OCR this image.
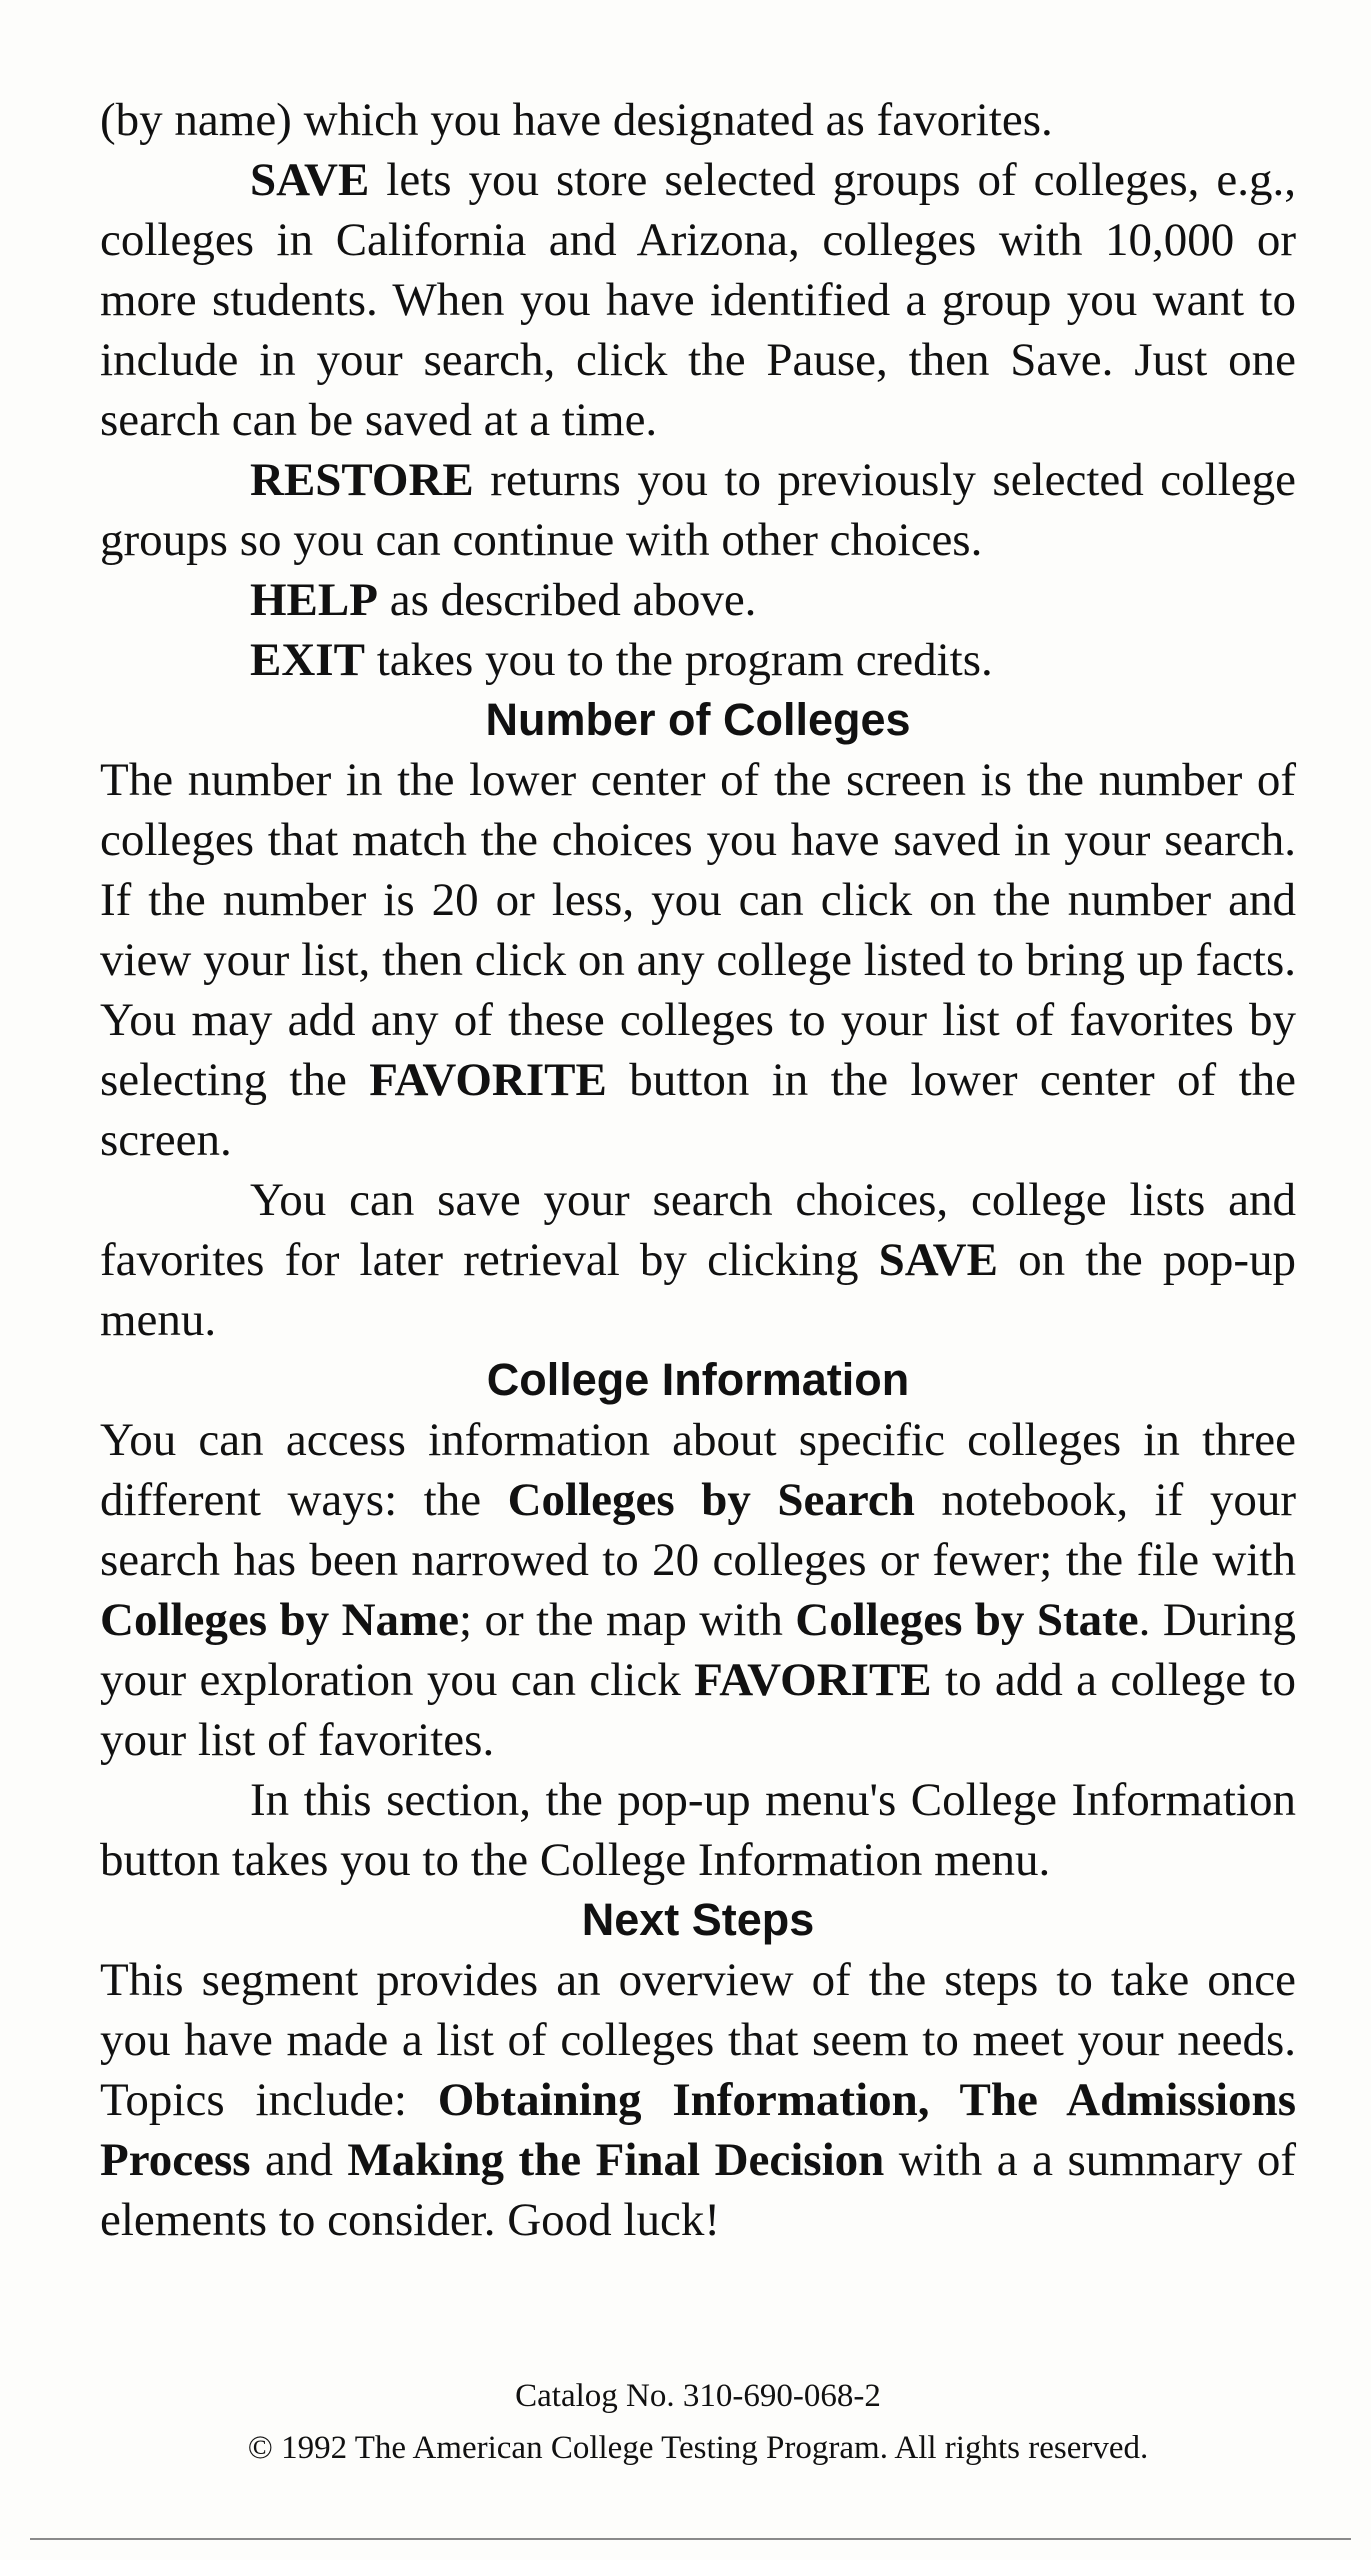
(by name) which you have designated as favorites.

SAVE lets you store selected groups of colleges, e.g., colleges in California and Arizona, colleges with 10,000 or more students. When you have identified a group you want to include in your search, click the Pause, then Save. Just one search can be saved at a time.

RESTORE returns you to previously selected college groups so you can continue with other choices.

HELP as described above.

EXIT takes you to the program credits.

Number of Colleges

The number in the lower center of the screen is the number of colleges that match the choices you have saved in your search. If the number is 20 or less, you can click on the number and view your list, then click on any college listed to bring up facts. You may add any of these colleges to your list of favorites by selecting the FAVORITE button in the lower center of the screen.

You can save your search choices, college lists and favorites for later retrieval by clicking SAVE on the pop-up menu.

College Information

You can access information about specific colleges in three different ways: the Colleges by Search notebook, if your search has been narrowed to 20 colleges or fewer; the file with Colleges by Name; or the map with Colleges by State. During your exploration you can click FAVORITE to add a college to your list of favorites.

In this section, the pop-up menu's College Information button takes you to the College Information menu.

Next Steps

This segment provides an overview of the steps to take once you have made a list of colleges that seem to meet your needs. Topics include: Obtaining Information, The Admissions Process and Making the Final Decision with a a summary of elements to consider. Good luck!

Catalog No. 310-690-068-2
© 1992 The American College Testing Program. All rights reserved.
